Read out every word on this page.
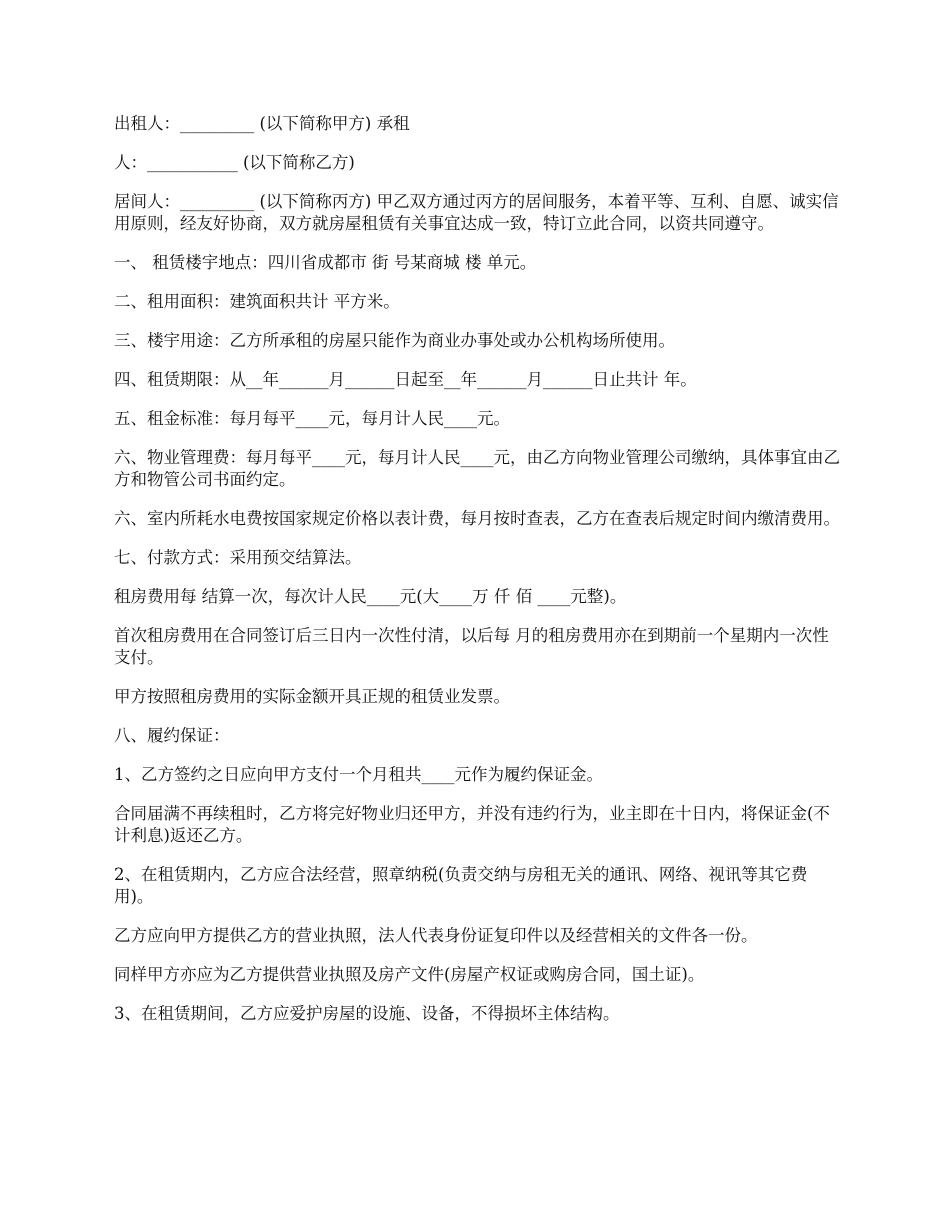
出租人：_________ (以下简称甲方) 承租

人：___________ (以下简称乙方)

居间人：_________ (以下简称丙方) 甲乙双方通过丙方的居间服务，本着平等、互利、自愿、诚实信用原则，经友好协商，双方就房屋租赁有关事宜达成一致，特订立此合同，以资共同遵守。

一、 租赁楼宇地点：四川省成都市 街 号某商城 楼 单元。

二、租用面积：建筑面积共计 平方米。

三、楼宇用途：乙方所承租的房屋只能作为商业办事处或办公机构场所使用。

四、租赁期限：从__年______月______日起至__年______月______日止共计 年。

五、租金标准：每月每平____元，每月计人民____元。

六、物业管理费：每月每平____元，每月计人民____元，由乙方向物业管理公司缴纳，具体事宜由乙方和物管公司书面约定。

六、室内所耗水电费按国家规定价格以表计费，每月按时查表，乙方在查表后规定时间内缴清费用。

七、付款方式：采用预交结算法。

租房费用每 结算一次，每次计人民____元(大____万 仟 佰 ____元整)。

首次租房费用在合同签订后三日内一次性付清，以后每 月的租房费用亦在到期前一个星期内一次性支付。

甲方按照租房费用的实际金额开具正规的租赁业发票。

八、履约保证：

1、乙方签约之日应向甲方支付一个月租共____元作为履约保证金。

合同届满不再续租时，乙方将完好物业归还甲方，并没有违约行为，业主即在十日内，将保证金(不计利息)返还乙方。

2、在租赁期内，乙方应合法经营，照章纳税(负责交纳与房租无关的通讯、网络、视讯等其它费用)。

乙方应向甲方提供乙方的营业执照，法人代表身份证复印件以及经营相关的文件各一份。

同样甲方亦应为乙方提供营业执照及房产文件(房屋产权证或购房合同，国土证)。

3、在租赁期间，乙方应爱护房屋的设施、设备，不得损坏主体结构。
